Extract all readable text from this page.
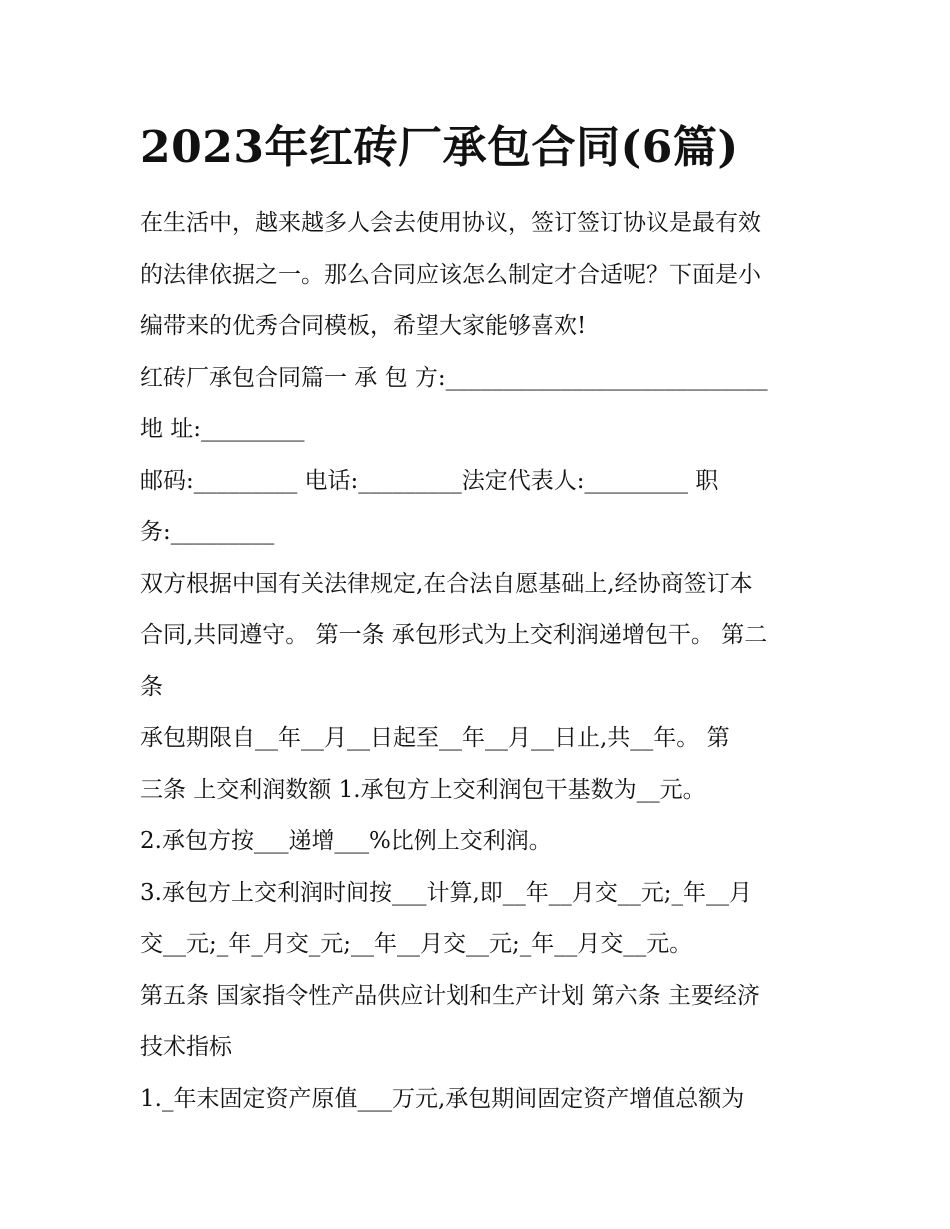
2023年红砖厂承包合同(6篇)
在生活中，越来越多人会去使用协议，签订签订协议是最有效
的法律依据之一。那么合同应该怎么制定才合适呢？下面是小
编带来的优秀合同模板，希望大家能够喜欢!
红砖厂承包合同篇一 承 包 方:____________________________
地 址:_________
邮码:_________ 电话:_________法定代表人:_________ 职
务:_________
双方根据中国有关法律规定,在合法自愿基础上,经协商签订本
合同,共同遵守。 第一条 承包形式为上交利润递增包干。 第二
条
承包期限自__年__月__日起至__年__月__日止,共__年。 第
三条 上交利润数额 1.承包方上交利润包干基数为__元。
2.承包方按___递增___%比例上交利润。
3.承包方上交利润时间按___计算,即__年__月交__元;_年__月
交__元;_年_月交_元;__年__月交__元;_年__月交__元。
第五条 国家指令性产品供应计划和生产计划 第六条 主要经济
技术指标
1._年末固定资产原值___万元,承包期间固定资产增值总额为
